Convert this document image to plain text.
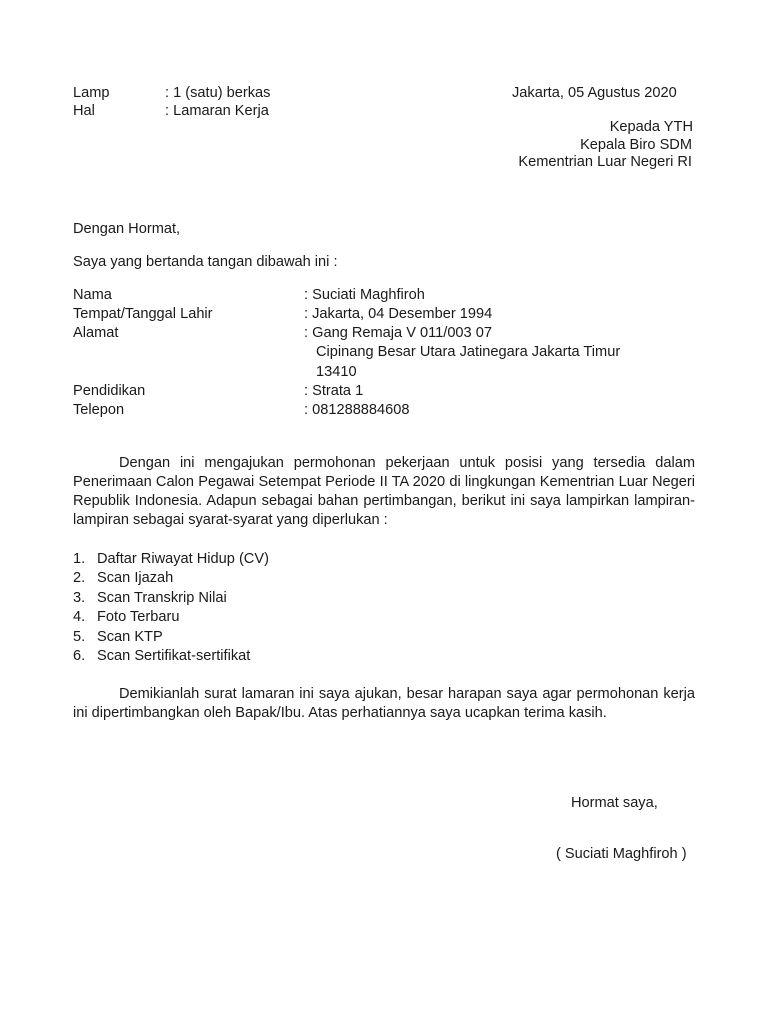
Lamp	: 1 (satu) berkas
Hal	: Lamaran Kerja
Jakarta, 05 Agustus 2020
Kepada YTH
Kepala Biro SDM
Kementrian Luar Negeri RI
Dengan Hormat,
Saya yang bertanda tangan dibawah ini :
Nama	: Suciati Maghfiroh
Tempat/Tanggal Lahir	: Jakarta, 04 Desember 1994
Alamat	: Gang Remaja V 011/003 07
Cipinang Besar Utara Jatinegara Jakarta Timur
13410
Pendidikan	: Strata 1
Telepon	: 081288884608
Dengan ini mengajukan permohonan pekerjaan untuk posisi yang tersedia dalam Penerimaan Calon Pegawai Setempat Periode II TA 2020 di lingkungan Kementrian Luar Negeri Republik Indonesia. Adapun sebagai bahan pertimbangan, berikut ini saya lampirkan lampiran-lampiran sebagai syarat-syarat yang diperlukan :
1. Daftar Riwayat Hidup (CV)
2. Scan Ijazah
3. Scan Transkrip Nilai
4. Foto Terbaru
5. Scan KTP
6. Scan Sertifikat-sertifikat
Demikianlah surat lamaran ini saya ajukan, besar harapan saya agar permohonan kerja ini dipertimbangkan oleh Bapak/Ibu. Atas perhatiannya saya ucapkan terima kasih.
Hormat saya,
( Suciati Maghfiroh )
